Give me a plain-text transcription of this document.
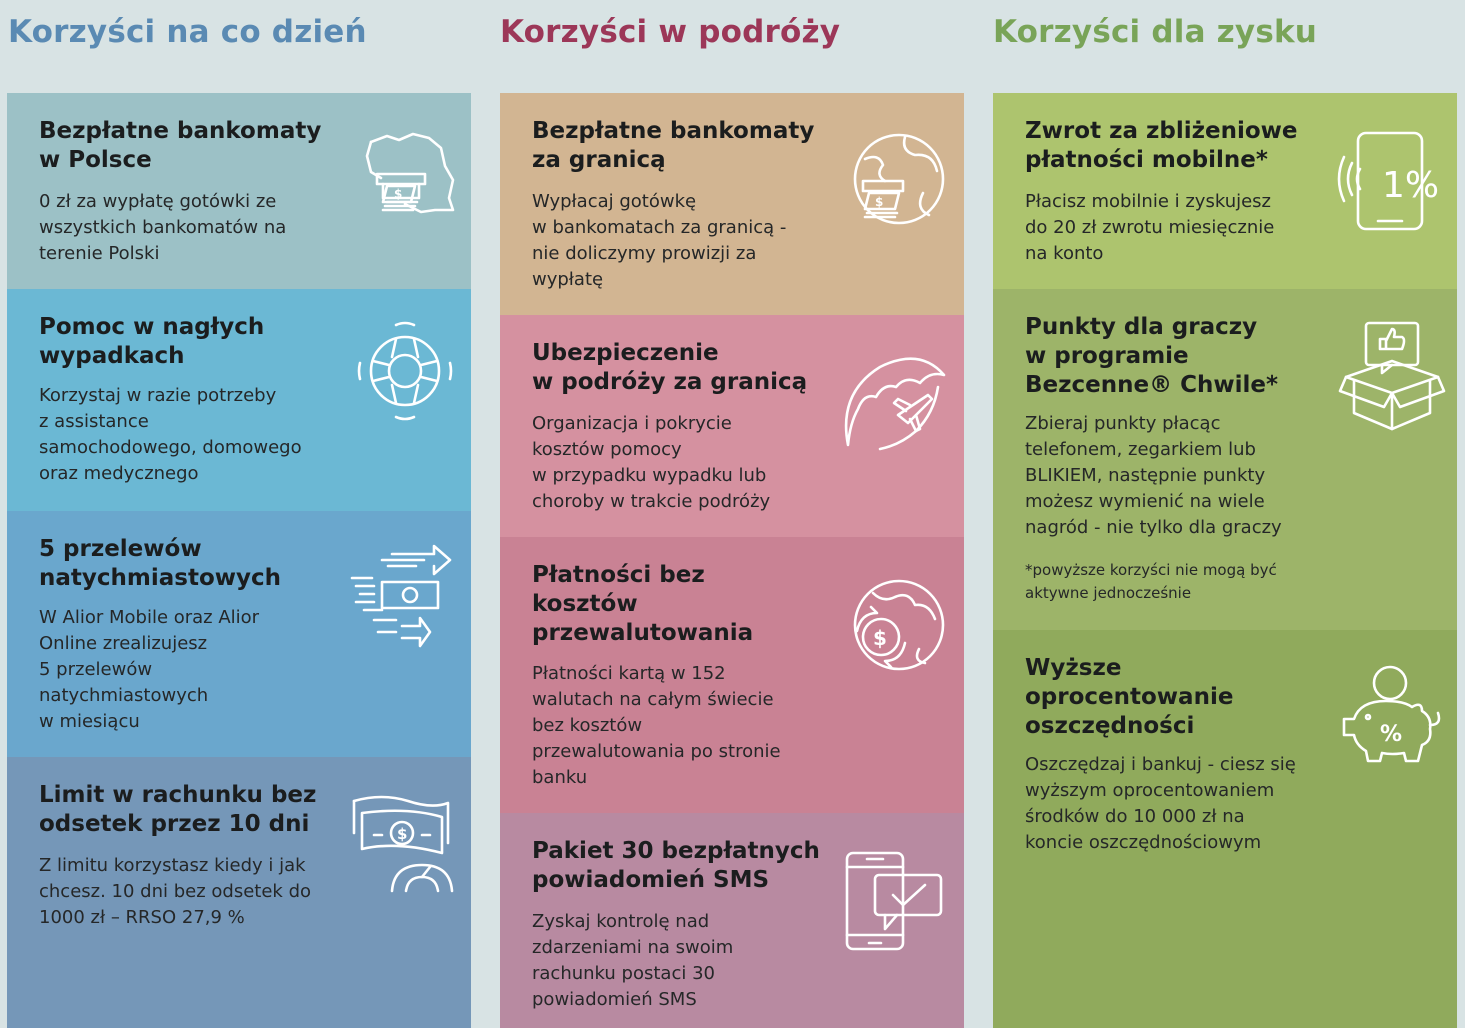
Korzyści na co dzień	Korzyści w podróży	Korzyści dla zysku
Bezpłatne bankomaty
w Polsce
0 zł za wypłatę gotówki ze
wszystkich bankomatów na
terenie Polski
$
Pomoc w nagłych
wypadkach
Korzystaj w razie potrzeby
z assistance
samochodowego, domowego
oraz medycznego
5 przelewów
natychmiastowych
W Alior Mobile oraz Alior
Online zrealizujesz
5 przelewów
natychmiastowych
w miesiącu
Limit w rachunku bez
odsetek przez 10 dni
Z limitu korzystasz kiedy i jak
chcesz. 10 dni bez odsetek do
1000 zł – RRSO 27,9 %
$
Bezpłatne bankomaty
za granicą
Wypłacaj gotówkę
w bankomatach za granicą -
nie doliczymy prowizji za
wypłatę
$
Ubezpieczenie
w podróży za granicą
Organizacja i pokrycie
kosztów pomocy
w przypadku wypadku lub
choroby w trakcie podróży
Płatności bez
kosztów
przewalutowania
Płatności kartą w 152
walutach na całym świecie
bez kosztów
przewalutowania po stronie
banku
$
Pakiet 30 bezpłatnych
powiadomień SMS
Zyskaj kontrolę nad
zdarzeniami na swoim
rachunku postaci 30
powiadomień SMS
Zwrot za zbliżeniowe
płatności mobilne*
Płacisz mobilnie i zyskujesz
do 20 zł zwrotu miesięcznie
na konto
1%
Punkty dla graczy
w programie
Bezcenne® Chwile*
Zbieraj punkty płacąc
telefonem, zegarkiem lub
BLIKIEM, następnie punkty
możesz wymienić na wiele
nagród - nie tylko dla graczy
*powyższe korzyści nie mogą być
aktywne jednocześnie
Wyższe
oprocentowanie
oszczędności
Oszczędzaj i bankuj - ciesz się
wyższym oprocentowaniem
środków do 10 000 zł na
koncie oszczędnościowym
%
